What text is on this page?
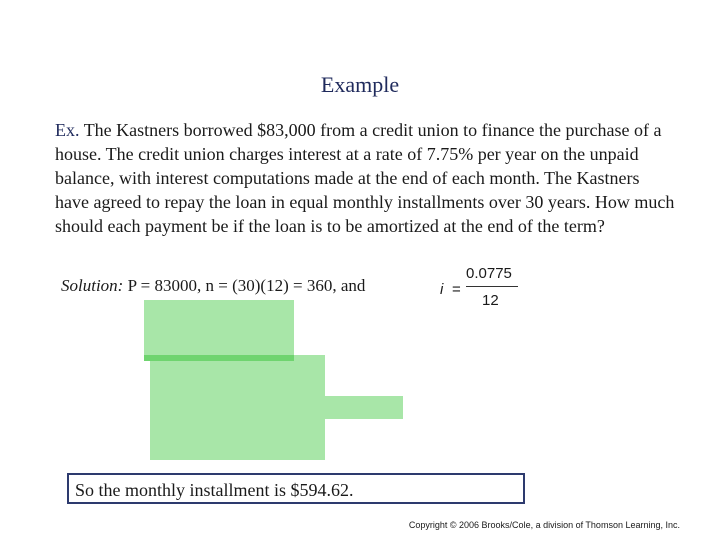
Example
Ex. The Kastners borrowed $83,000 from a credit union to finance the purchase of a house. The credit union charges interest at a rate of 7.75% per year on the unpaid balance, with interest computations made at the end of each month. The Kastners have agreed to repay the loan in equal monthly installments over 30 years. How much should each payment be if the loan is to be amortized at the end of the term?
Solution: P = 83000, n = (30)(12) = 360, and	i =
0.0775
12
So the monthly installment is $594.62.
Copyright © 2006 Brooks/Cole, a division of Thomson Learning, Inc.
